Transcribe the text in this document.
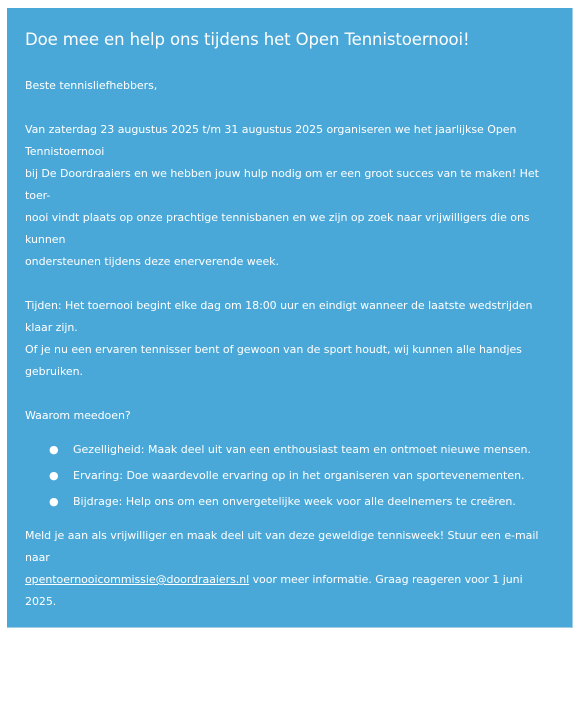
Doe mee en help ons tijdens het Open Tennistoernooi!
Beste tennisliefhebbers,
Van zaterdag 23 augustus 2025 t/m 31 augustus 2025 organiseren we het jaarlijkse Open Tennistoernooi
bij De Doordraaiers en we hebben jouw hulp nodig om er een groot succes van te maken! Het toer-
nooi vindt plaats op onze prachtige tennisbanen en we zijn op zoek naar vrijwilligers die ons kunnen
ondersteunen tijdens deze enerverende week.
Tijden: Het toernooi begint elke dag om 18:00 uur en eindigt wanneer de laatste wedstrijden klaar zijn.
Of je nu een ervaren tennisser bent of gewoon van de sport houdt, wij kunnen alle handjes gebruiken.
Waarom meedoen?
● Gezelligheid: Maak deel uit van een enthousiast team en ontmoet nieuwe mensen.
● Ervaring: Doe waardevolle ervaring op in het organiseren van sportevenementen.
● Bijdrage: Help ons om een onvergetelijke week voor alle deelnemers te creëren.
Meld je aan als vrijwilliger en maak deel uit van deze geweldige tennisweek! Stuur een e-mail naar
opentoernooicommissie@doordraaiers.nl voor meer informatie. Graag reageren voor 1 juni 2025.
We kijken ernaar uit om samen met jou een fantastisch toernooi neer te zetten!
Sportieve groeten,
Open Toernooicommissie
